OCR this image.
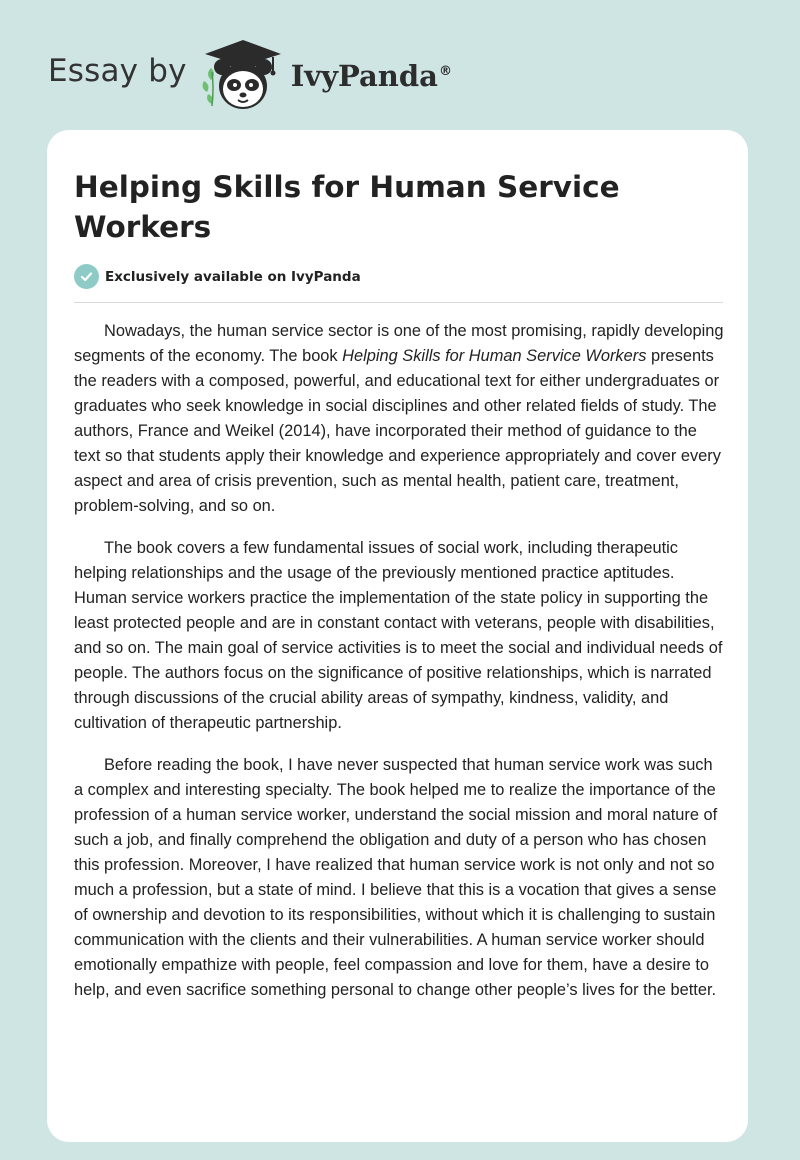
Essay by	IvyPanda®
Helping Skills for Human Service Workers
Exclusively available on IvyPanda

Nowadays, the human service sector is one of the most promising, rapidly developing segments of the economy. The book Helping Skills for Human Service Workers presents the readers with a composed, powerful, and educational text for either undergraduates or graduates who seek knowledge in social disciplines and other related fields of study. The authors, France and Weikel (2014), have incorporated their method of guidance to the text so that students apply their knowledge and experience appropriately and cover every aspect and area of crisis prevention, such as mental health, patient care, treatment, problem-solving, and so on.

The book covers a few fundamental issues of social work, including therapeutic helping relationships and the usage of the previously mentioned practice aptitudes. Human service workers practice the implementation of the state policy in supporting the least protected people and are in constant contact with veterans, people with disabilities, and so on. The main goal of service activities is to meet the social and individual needs of people. The authors focus on the significance of positive relationships, which is narrated through discussions of the crucial ability areas of sympathy, kindness, validity, and cultivation of therapeutic partnership.

Before reading the book, I have never suspected that human service work was such a complex and interesting specialty. The book helped me to realize the importance of the profession of a human service worker, understand the social mission and moral nature of such a job, and finally comprehend the obligation and duty of a person who has chosen this profession. Moreover, I have realized that human service work is not only and not so much a profession, but a state of mind. I believe that this is a vocation that gives a sense of ownership and devotion to its responsibilities, without which it is challenging to sustain communication with the clients and their vulnerabilities. A human service worker should emotionally empathize with people, feel compassion and love for them, have a desire to help, and even sacrifice something personal to change other people’s lives for the better.
